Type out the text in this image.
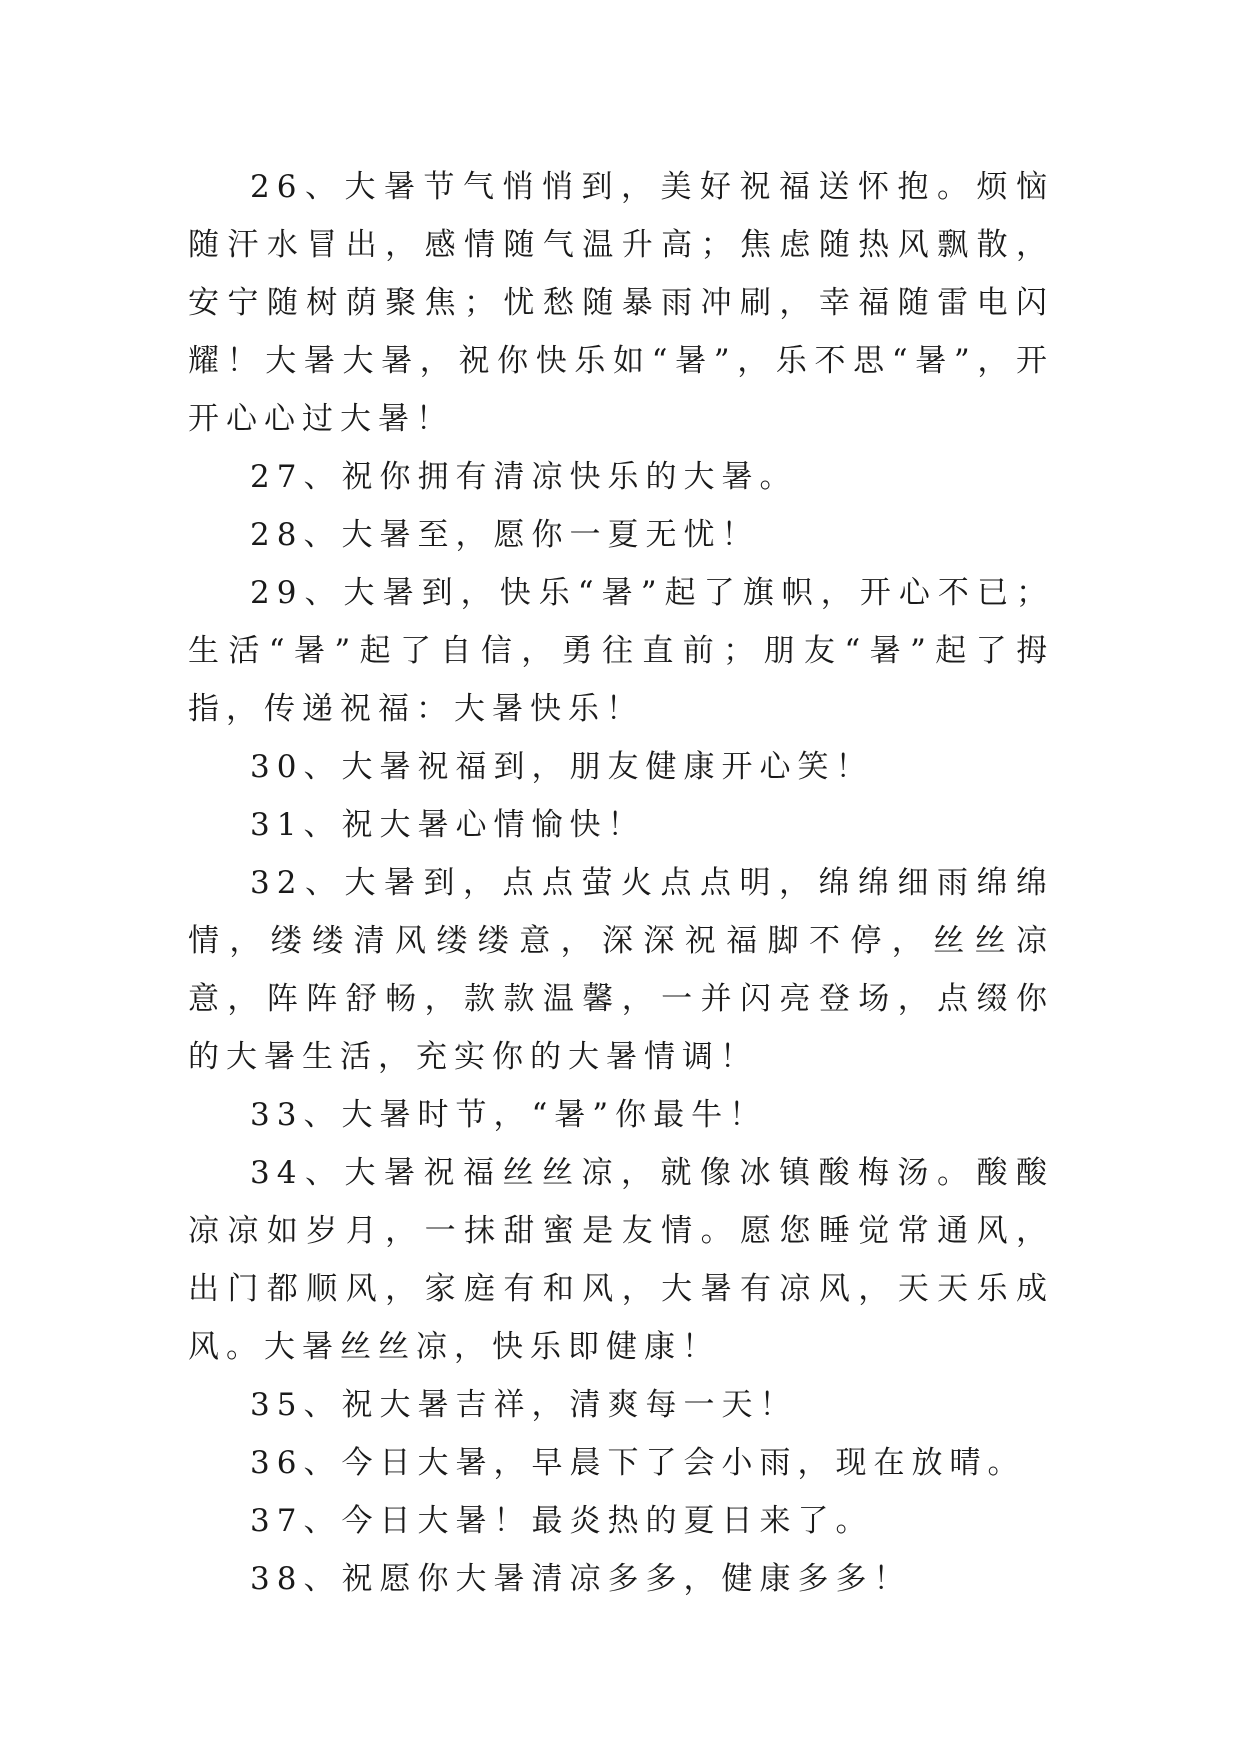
26、大暑节气悄悄到，美好祝福送怀抱。烦恼随汗水冒出，感情随气温升高；焦虑随热风飘散，安宁随树荫聚焦；忧愁随暴雨冲刷，幸福随雷电闪耀！大暑大暑，祝你快乐如“暑”，乐不思“暑”，开开心心过大暑！

27、祝你拥有清凉快乐的大暑。

28、大暑至，愿你一夏无忧！

29、大暑到，快乐“暑”起了旗帜，开心不已；生活“暑”起了自信，勇往直前；朋友“暑”起了拇指，传递祝福：大暑快乐！

30、大暑祝福到，朋友健康开心笑！

31、祝大暑心情愉快！

32、大暑到，点点萤火点点明，绵绵细雨绵绵情，缕缕清风缕缕意，深深祝福脚不停，丝丝凉意，阵阵舒畅，款款温馨，一并闪亮登场，点缀你的大暑生活，充实你的大暑情调！

33、大暑时节，“暑”你最牛！

34、大暑祝福丝丝凉，就像冰镇酸梅汤。酸酸凉凉如岁月，一抹甜蜜是友情。愿您睡觉常通风，出门都顺风，家庭有和风，大暑有凉风，天天乐成风。大暑丝丝凉，快乐即健康！

35、祝大暑吉祥，清爽每一天！

36、今日大暑，早晨下了会小雨，现在放晴。

37、今日大暑！最炎热的夏日来了。

38、祝愿你大暑清凉多多，健康多多！
